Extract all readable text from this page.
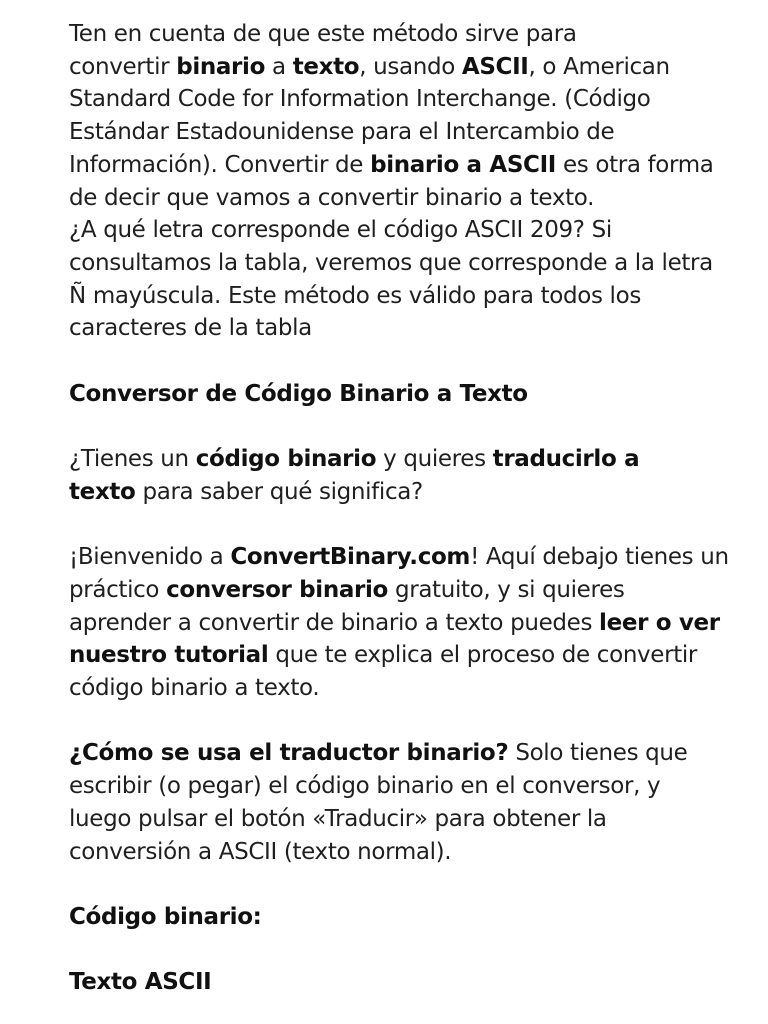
Ten en cuenta de que este método sirve para
convertir binario a texto, usando ASCII, o American Standard Code for Information Interchange. (Código Estándar Estadounidense para el Intercambio de Información). Convertir de binario a ASCII es otra forma de decir que vamos a convertir binario a texto.

¿A qué letra corresponde el código ASCII 209? Si consultamos la tabla, veremos que corresponde a la letra Ñ mayúscula. Este método es válido para todos los caracteres de la tabla

Conversor de Código Binario a Texto

¿Tienes un código binario y quieres traducirlo a
texto para saber qué significa?

¡Bienvenido a ConvertBinary.com! Aquí debajo tienes un práctico conversor binario gratuito, y si quieres aprender a convertir de binario a texto puedes leer o ver nuestro tutorial que te explica el proceso de convertir código binario a texto.

¿Cómo se usa el traductor binario? Solo tienes que escribir (o pegar) el código binario en el conversor, y luego pulsar el botón «Traducir» para obtener la conversión a ASCII (texto normal).

Código binario:

Texto ASCII
